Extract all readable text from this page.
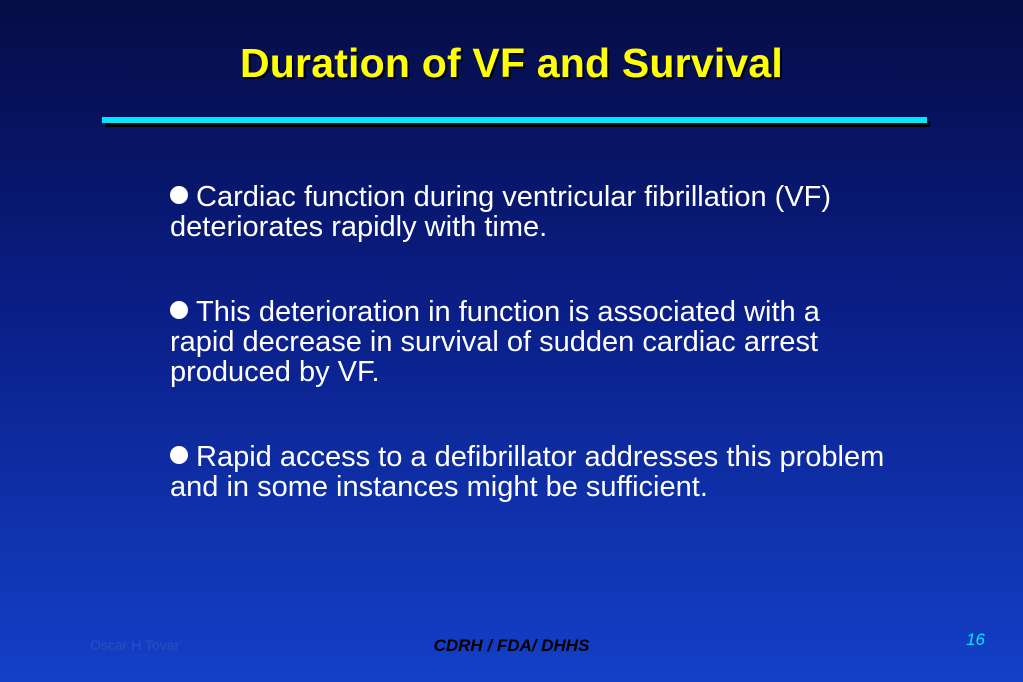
Duration of VF and Survival
Cardiac function during ventricular fibrillation (VF) deteriorates rapidly with time.
This deterioration in function is associated with a rapid decrease in survival of sudden cardiac arrest produced by VF.
Rapid access to a defibrillator addresses this problem and in some instances might be sufficient.
Oscar H Tovar	CDRH / FDA/ DHHS	16
